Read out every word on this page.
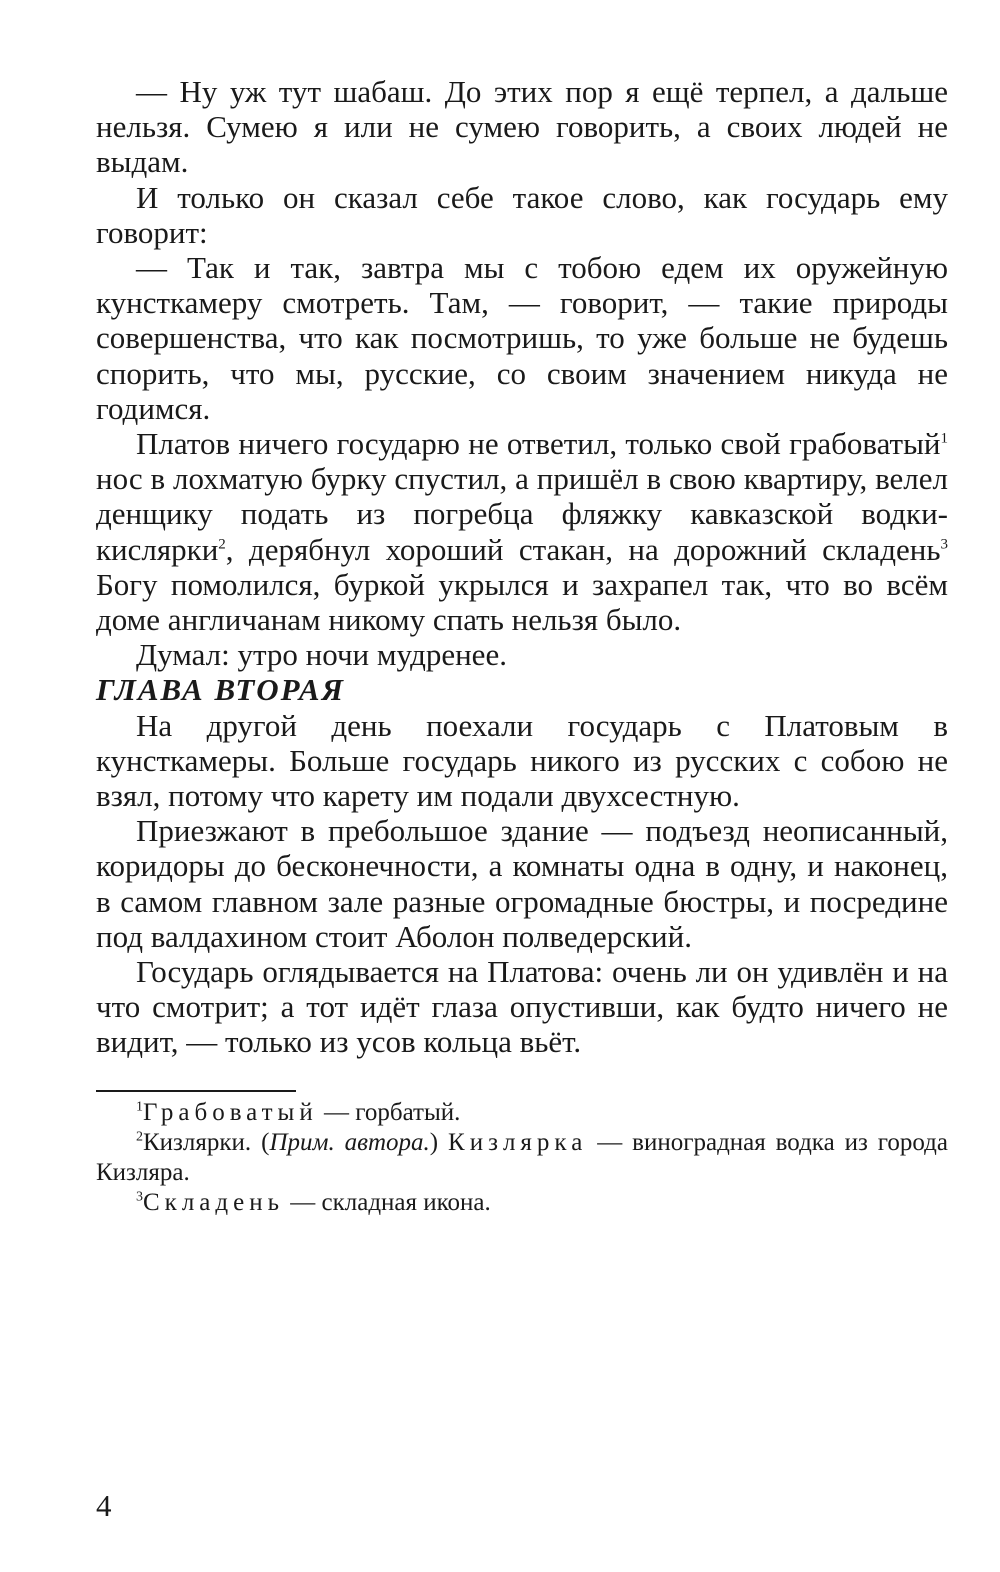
— Ну уж тут шабаш. До этих пор я ещё терпел, а дальше нельзя. Сумею я или не сумею говорить, а своих людей не выдам.

И только он сказал себе такое слово, как государь ему говорит:

— Так и так, завтра мы с тобою едем их оружейную кунсткамеру смотреть. Там, — говорит, — такие природы совершенства, что как посмотришь, то уже больше не будешь спорить, что мы, русские, со своим значением никуда не годимся.

Платов ничего государю не ответил, только свой грабоватый$^1$ нос в лохматую бурку спустил, а пришёл в свою квартиру, велел денщику подать из погребца фляжку кавказской водки-кислярки$^2$, дерябнул хороший стакан, на дорожний складень$^3$ Богу помолился, буркой укрылся и захрапел так, что во всём доме англичанам никому спать нельзя было.

Думал: утро ночи мудренее.

ГЛАВА ВТОРАЯ

На другой день поехали государь с Платовым в кунсткамеры. Больше государь никого из русских с собою не взял, потому что карету им подали двухсестную.

Приезжают в пребольшое здание — подъезд неописанный, коридоры до бесконечности, а комнаты одна в одну, и наконец, в самом главном зале разные огромадные бюстры, и посредине под валдахином стоит Аболон полведерский.

Государь оглядывается на Платова: очень ли он удивлён и на что смотрит; а тот идёт глаза опустивши, как будто ничего не видит, — только из усов кольца вьёт.

$^1$Грабоватый — горбатый.

$^2$Кизлярки. (Прим. автора.) Кизлярка — виноградная водка из города Кизляра.

$^3$Складень — складная икона.

4
